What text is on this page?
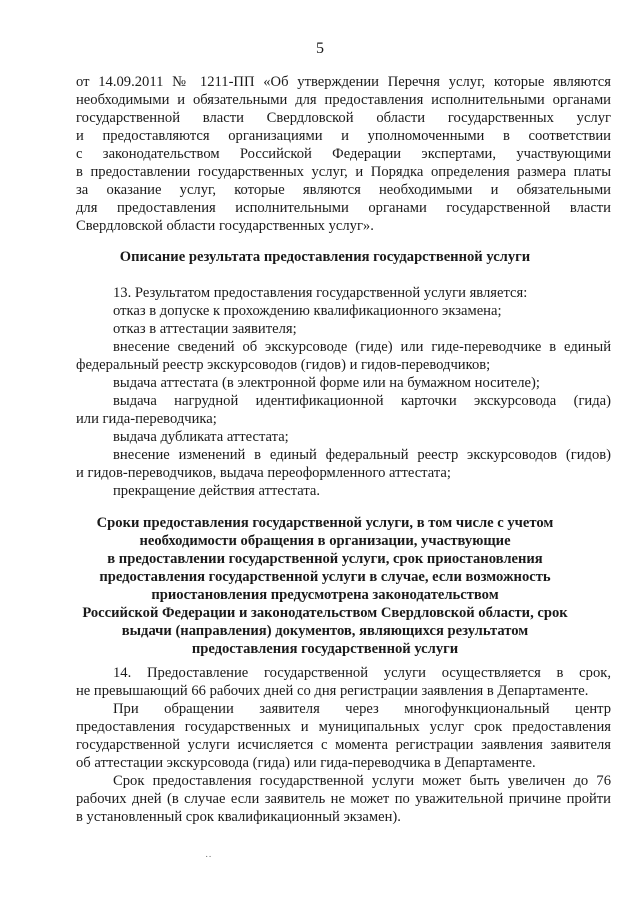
5
от 14.09.2011 № 1211-ПП «Об утверждении Перечня услуг, которые являются
необходимыми и обязательными для предоставления исполнительными органами
государственной власти Свердловской области государственных услуг
и предоставляются организациями и уполномоченными в соответствии
с законодательством Российской Федерации экспертами, участвующими
в предоставлении государственных услуг, и Порядка определения размера платы
за оказание услуг, которые являются необходимыми и обязательными
для предоставления исполнительными органами государственной власти
Свердловской области государственных услуг».
Описание результата предоставления государственной услуги
13. Результатом предоставления государственной услуги является:
отказ в допуске к прохождению квалификационного экзамена;
отказ в аттестации заявителя;
внесение сведений об экскурсоводе (гиде) или гиде-переводчике в единый
федеральный реестр экскурсоводов (гидов) и гидов-переводчиков;
выдача аттестата (в электронной форме или на бумажном носителе);
выдача нагрудной идентификационной карточки экскурсовода (гида)
или гида-переводчика;
выдача дубликата аттестата;
внесение изменений в единый федеральный реестр экскурсоводов (гидов)
и гидов-переводчиков, выдача переоформленного аттестата;
прекращение действия аттестата.
Сроки предоставления государственной услуги, в том числе с учетом
необходимости обращения в организации, участвующие
в предоставлении государственной услуги, срок приостановления
предоставления государственной услуги в случае, если возможность
приостановления предусмотрена законодательством
Российской Федерации и законодательством Свердловской области, срок
выдачи (направления) документов, являющихся результатом
предоставления государственной услуги
14. Предоставление государственной услуги осуществляется в срок,
не превышающий 66 рабочих дней со дня регистрации заявления в Департаменте.
При обращении заявителя через многофункциональный центр
предоставления государственных и муниципальных услуг срок предоставления
государственной услуги исчисляется с момента регистрации заявления заявителя
об аттестации экскурсовода (гида) или гида-переводчика в Департаменте.
Срок предоставления государственной услуги может быть увеличен до 76
рабочих дней (в случае если заявитель не может по уважительной причине пройти
в установленный срок квалификационный экзамен).
˙˙
